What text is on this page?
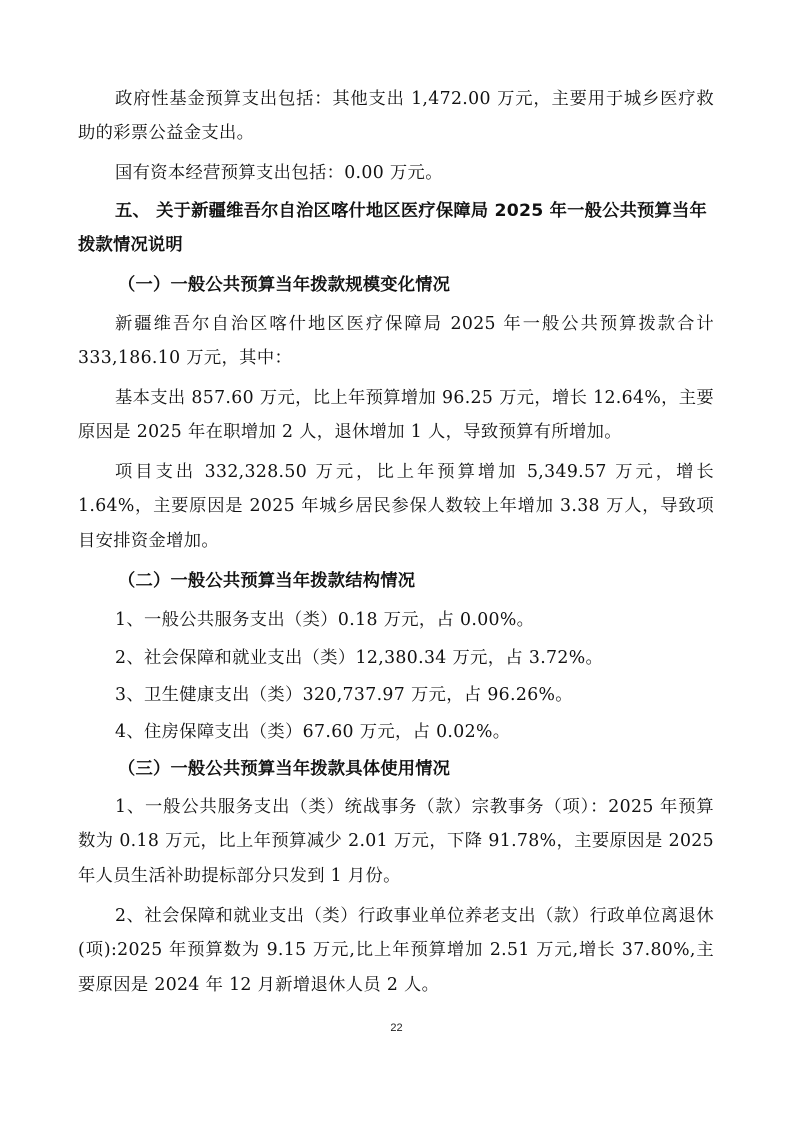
政府性基金预算支出包括：其他支出 1,472.00 万元，主要用于城乡医疗救助的彩票公益金支出。

国有资本经营预算支出包括：0.00 万元。

五、 关于新疆维吾尔自治区喀什地区医疗保障局 2025 年一般公共预算当年拨款情况说明

（一）一般公共预算当年拨款规模变化情况

新疆维吾尔自治区喀什地区医疗保障局 2025 年一般公共预算拨款合计 333,186.10 万元，其中：

基本支出 857.60 万元，比上年预算增加 96.25 万元，增长 12.64%，主要原因是 2025 年在职增加 2 人，退休增加 1 人，导致预算有所增加。

项目支出 332,328.50 万元，比上年预算增加 5,349.57 万元，增长 1.64%，主要原因是 2025 年城乡居民参保人数较上年增加 3.38 万人，导致项目安排资金增加。

（二）一般公共预算当年拨款结构情况

1、一般公共服务支出（类）0.18 万元，占 0.00%。

2、社会保障和就业支出（类）12,380.34 万元，占 3.72%。

3、卫生健康支出（类）320,737.97 万元，占 96.26%。

4、住房保障支出（类）67.60 万元，占 0.02%。

（三）一般公共预算当年拨款具体使用情况

1、一般公共服务支出（类）统战事务（款）宗教事务（项）：2025 年预算数为 0.18 万元，比上年预算减少 2.01 万元，下降 91.78%，主要原因是 2025 年人员生活补助提标部分只发到 1 月份。

2、社会保障和就业支出（类）行政事业单位养老支出（款）行政单位离退休(项):2025 年预算数为 9.15 万元,比上年预算增加 2.51 万元,增长 37.80%,主要原因是 2024 年 12 月新增退休人员 2 人。

22
